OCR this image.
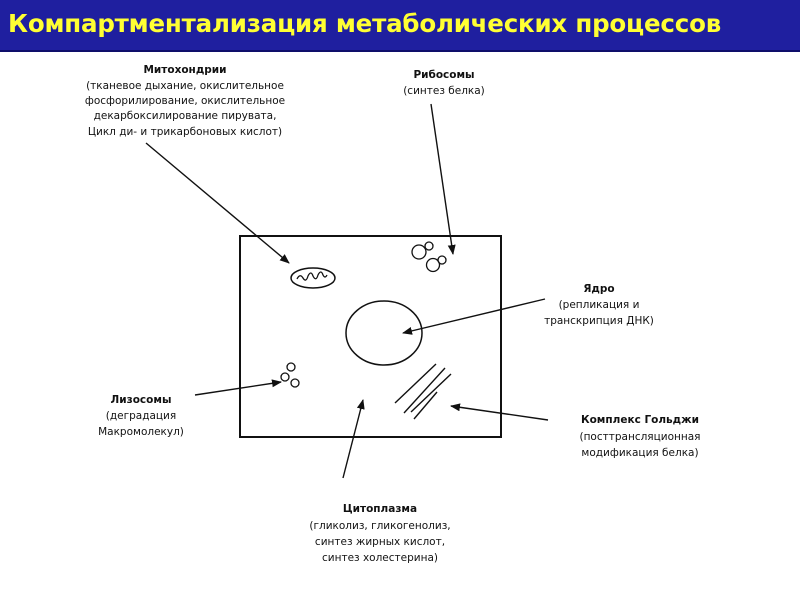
Компартментализация метаболических процессов
Митохондрии
(тканевое дыхание, окислительное
фосфорилирование, окислительное
декарбоксилирование пирувата,
Цикл ди- и трикарбоновых кислот)
Рибосомы
(синтез белка)
Ядро
(репликация и
транскрипция ДНК)
Лизосомы
(деградация
Макромолекул)
Комплекс Гольджи
(посттрансляционная
модификация белка)
Цитоплазма
(гликолиз, гликогенолиз,
синтез жирных кислот,
синтез холестерина)
